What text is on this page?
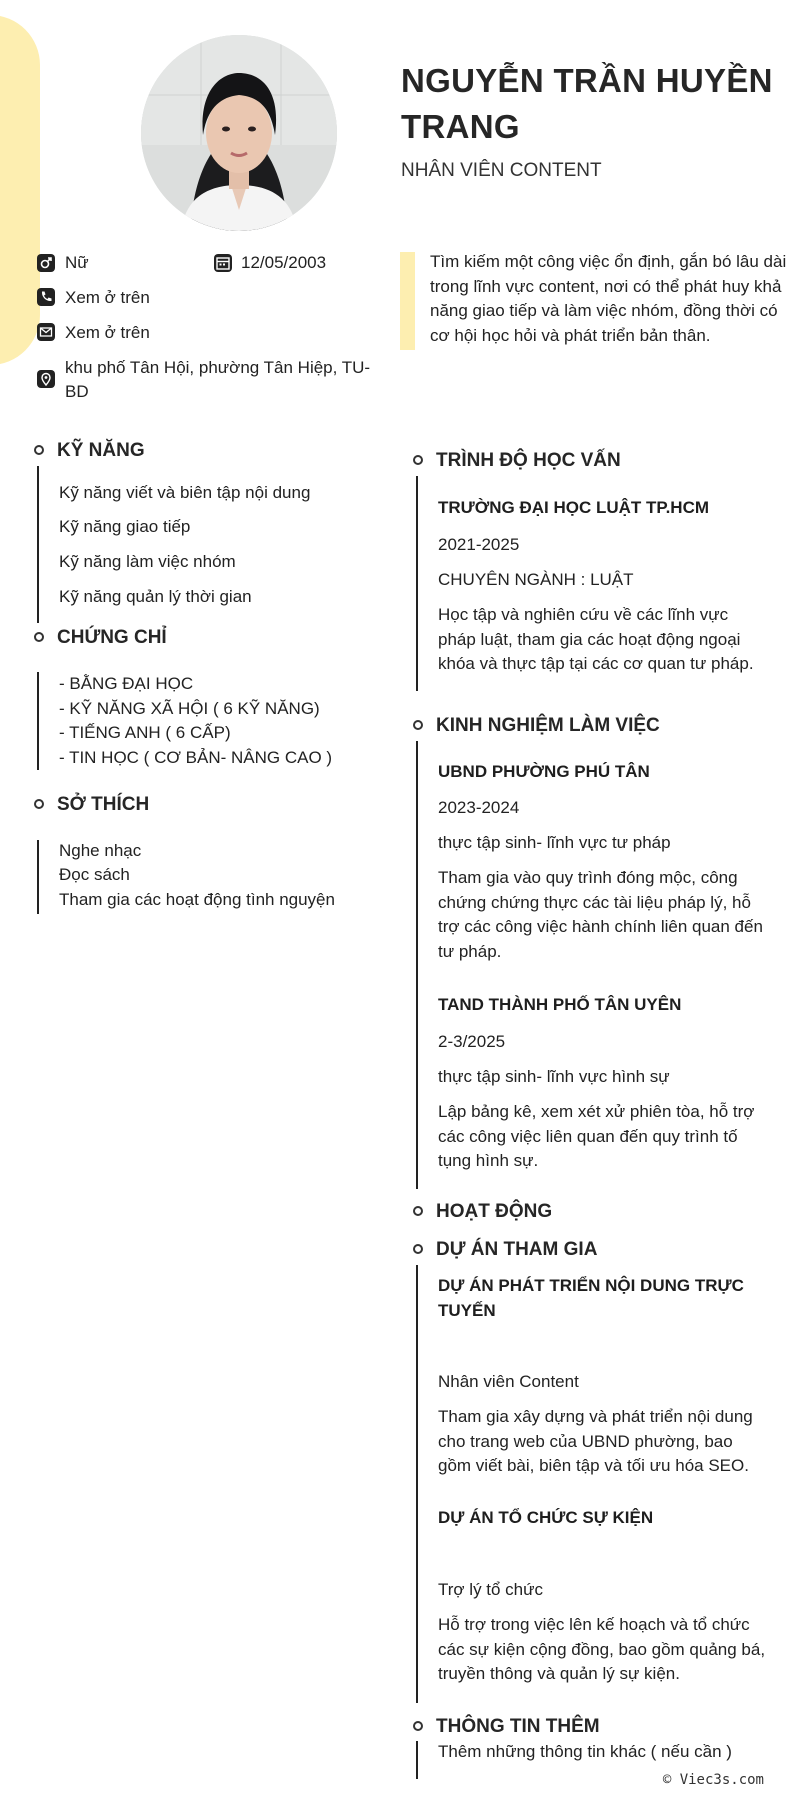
NGUYỄN TRẦN HUYỀN TRANG
NHÂN VIÊN CONTENT
Nữ	12/05/2003
Xem ở trên
Xem ở trên
khu phố Tân Hội, phường Tân Hiệp, TU-BD
Tìm kiếm một công việc ổn định, gắn bó lâu dài trong lĩnh vực content, nơi có thể phát huy khả năng giao tiếp và làm việc nhóm, đồng thời có cơ hội học hỏi và phát triển bản thân.
KỸ NĂNG
Kỹ năng viết và biên tập nội dung
Kỹ năng giao tiếp
Kỹ năng làm việc nhóm
Kỹ năng quản lý thời gian
CHỨNG CHỈ
- BẰNG ĐẠI HỌC
- KỸ NĂNG XÃ HỘI ( 6 KỸ NĂNG)
- TIẾNG ANH ( 6 CẤP)
- TIN HỌC ( CƠ BẢN- NÂNG CAO )
SỞ THÍCH
Nghe nhạc
Đọc sách
Tham gia các hoạt động tình nguyện
TRÌNH ĐỘ HỌC VẤN
TRƯỜNG ĐẠI HỌC LUẬT TP.HCM
2021-2025
CHUYÊN NGÀNH : LUẬT
Học tập và nghiên cứu về các lĩnh vực pháp luật, tham gia các hoạt động ngoại khóa và thực tập tại các cơ quan tư pháp.
KINH NGHIỆM LÀM VIỆC
UBND PHƯỜNG PHÚ TÂN
2023-2024
thực tập sinh- lĩnh vực tư pháp
Tham gia vào quy trình đóng mộc, công chứng chứng thực các tài liệu pháp lý, hỗ trợ các công việc hành chính liên quan đến tư pháp.
TAND THÀNH PHỐ TÂN UYÊN
2-3/2025
thực tập sinh- lĩnh vực hình sự
Lập bảng kê, xem xét xử phiên tòa, hỗ trợ các công việc liên quan đến quy trình tố tụng hình sự.
HOẠT ĐỘNG
DỰ ÁN THAM GIA
DỰ ÁN PHÁT TRIỂN NỘI DUNG TRỰC TUYẾN
Nhân viên Content
Tham gia xây dựng và phát triển nội dung cho trang web của UBND phường, bao gồm viết bài, biên tập và tối ưu hóa SEO.
DỰ ÁN TỔ CHỨC SỰ KIỆN
Trợ lý tổ chức
Hỗ trợ trong việc lên kế hoạch và tổ chức các sự kiện cộng đồng, bao gồm quảng bá, truyền thông và quản lý sự kiện.
THÔNG TIN THÊM
Thêm những thông tin khác ( nếu cần )
© Viec3s.com
